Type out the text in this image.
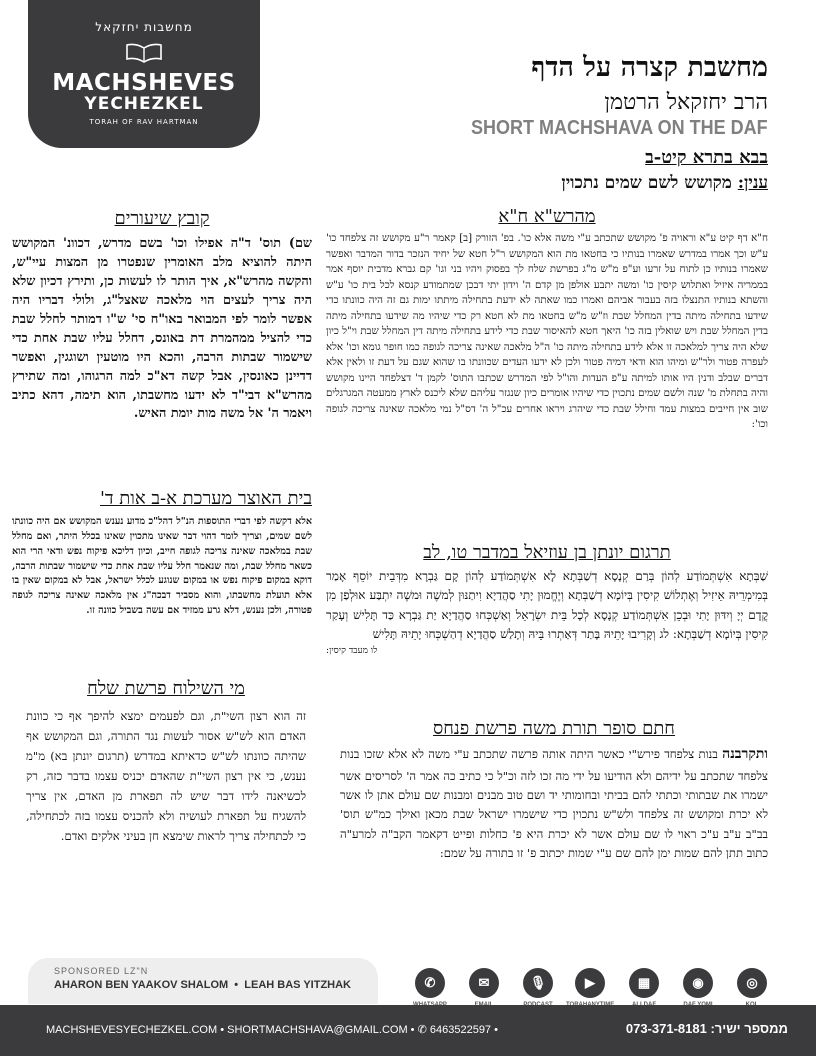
מחשבות יחזקאל
MACHSHEVES
YECHEZKEL
TORAH OF RAV HARTMAN
מחשבת קצרה על הדף
הרב יחזקאל הרטמן
SHORT MACHSHAVA ON THE DAF
בבא בתרא קיט-ב
ענין: מקושש לשם שמים נתכוין
קובץ שיעורים
שם) תוס' ד"ה אפילו וכו' בשם מדרש, דכוונ' המקושש היתה להוציא מלב האומרין שנפטרו מן המצות עיי"ש, והקשה מהרש"א, איך הותר לו לעשות כן, ותירץ דכיון שלא היה צריך לעצים הוי מלאכה שאצל"ג, ולולי דבריו היה אפשר לומר לפי המבואר באו"ח סי' ש"ו דמותר לחלל שבת כדי להציל ממהמרת דת באונס, דחלל עליו שבת אחת כדי שישמור שבתות הרבה, והכא היו מוטעין ושוגגין, ואפשר דדיינן כאונסין, אבל קשה דא"כ למה הרגוהו, ומה שתירץ מהרש"א דבי"ד לא ידעו מחשבתו, הוא תימה, דהא כתיב ויאמר ה' אל משה מות יומת האיש.
בית האוצר מערכת א-ב אות ד'
אלא דקשה לפי דברי התוספות הנ"ל דהל"כ מדוע נענש המקושש אם היה כוונתו לשם שמים, וצריך לומר דהוי דבר שאינו מתכוין שאינו בכלל היתר, ואם מחלל שבת במלאכה שאינה צריכה לגופה חייב, וכיון דליכא פיקוח נפש ודאי הרי הוא כשאר מחלל שבת, ומה שנאמר חלל עליו שבת אחת כדי שישמור שבתות הרבה, דוקא במקום פיקוח נפש או במקום שנוגע לכלל ישראל, אבל לא במקום שאין בו אלא תועלת מחשבתו, והוא מסביר דבכה"ג אין מלאכה שאינה צריכה לגופה פטורה, ולכן נענש, דלא גרע ממזיד אם עשה בשביל כוונה זו.
מי השילוח פרשת שלח
זה הוא רצון השי"ת, וגם לפעמים ימצא להיפך אף כי כוונת האדם הוא לש"ש אסור לעשות נגד התורה, וגם המקושש אף שהיתה כוונתו לש"ש כדאיתא במדרש (תרגום יונתן בא) מ"מ נענש, כי אין רצון השי"ת שהאדם יכניס עצמו בדבר כזה, רק לכשיאנה לידו דבר שיש לה תפארת מן האדם, אין צריך להשגיח על תפארת לעושיה ולא להכניס עצמו בזה לכתחילה, כי לכתחילה צריך לראות שימצא חן בעיני אלקים ואדם.
מהרש"א ח"א
ח"א דף קיט ע"א וראויה פ' מקושש שתכתב ע"י משה אלא כו'. בפ' הזורק [ב] קאמר ר"ע מקושש זה צלפחד כו' ע"ש וכך אמרו במדרש שאמרו בנותיו כי בחטאו מת הוא המקושש ר"ל חטא של יחיד הנזכר בדור המדבר ואפשר שאמרו בנותיו כן לתוח על זרעו וע"פ מ"ש מ"ג בפרשת שלח לך בפסוק ויהיו בני וגו' קם גברא מדבית יוסף אמר בממריה איזיל ואתלוש קיסין כו' ומשה יתבע אולפן מן קדם ה' וידון יתי דבכן שמתמודע קנסא לכל בית כו' ע"ש והשתא בנותיו התנצלו בזה בעבור אביהם ואמרו כמו שאתה לא ידעת בתחילה מיתתו ימות גם זה היה כוונתו כדי שידעו בתחילה מיתה בדין המחלל שבת וז"ש מ"ש בחטאו מת לא חטא רק כדי שיהיו מה שידעו בתחילה מיתה בדין המחלל שבת ויש שואלין בזה כו' היאך חטא להאיסור שבת כדי לידע בתחילה מיתה דין המחלל שבת וי"ל כיון שלא היה צריך למלאכה זו אלא לידע בתחילה מיתה כו' ה"ל מלאכה שאינה צריכה לגופה כמו חופר גומא וכו' אלא לעפרה פטור ולר"ש ומיהו הוא ודאי דמיה פטור ולכן לא ידעו העדים שכוונתו בו שהוא שגם על דעת זו ולאין אלא דברים שבלב ודנין היו אותו למיתה ע"פ העדות והו"ל לפי המדרש שכתבו התוס' לקמן ד' דצלפחד היינו מקושש והיה בתחלת מ' שנה ולשם שמים נתכוין כדי שיהיו אומרים כיון שנגזר עליהם שלא ליכנס לארץ ממעטה המגרגלים שוב אין חייבים במצות עמד וחילל שבת כדי שיהרג ויראו אחרים עכ"ל ה' דס"ל נמי מלאכה שאינה צריכה לגופה וכו':
תרגום יונתן בן עוזיאל במדבר טו, לב
שַׁבְּתָא אִשְׁתְּמוֹדַע לְהוֹן בְּרַם קְנָסָא דְשַׁבְּתָא לָא אִשְׁתְּמוֹדַע לְהוֹן קָם גַּבְרָא מִדְּבֵית יוֹסֵף אָמַר בְּמִימְרֵיהּ אֵיזִיל וְאֶתְלוֹשׁ קִיסִין בְּיוֹמָא דְשַׁבְּתָא וְיֶחֱמוּן יָתִי סַהֲדַיָא וִיתַנּוּן לְמשֶׁה וּמשֶׁה יִתְבַּע אוּלְפַן מִן קֳדָם יְיָ וְיִדּוּן יָתִי וּבְכֵן אִשְׁתְּמוֹדַע קְנָסָא לְכָל בֵּית יִשְׂרָאֵל וְאַשְׁכְּחוּ סַהֲדַיָא יַת גַּבְרָא כַּד תָּלִישׁ וְעָקַר קִיסִין בְּיוֹמָא דְשַׁבְּתָא: לג וְקָרִיבוּ יָתֵיהּ בָּתַר דְּאַתְרוּ בֵּיהּ וְתָלַשׁ סַהֲדַיָא דְהַשְׁכְּחוּ יָתֵיהּ תָּלִישׁ
לו מעבד קיסין:
חתם סופר תורת משה פרשת פנחס
ותקרבנה בנות צלפחד פירש"י כאשר היתה אותה פרשה שתכתב ע"י משה לא אלא שזכו בנות צלפחד שתכתב על ידיהם ולא הודיעו על ידי מה זכו לזה וכ"ל כי כתיב כה אמר ה' לסריסים אשר ישמרו את שבתותי וכתתי להם בביתי ובחומותי יד ושם טוב מבנים ומבנות שם עולם אתן לו אשר לא יכרת ומקושש זה צלפחד ולש"ש נתכוין כדי שישמרו ישראל שבת מכאן ואילך כמ"ש תוס' בב"ב ע"ב ע"כ ראוי לו שם עולם אשר לא יכרת היא פ' כחלות ופייט דקאמר הקב"ה למרע"ה כתוב תתן להם שמות ימן להם שם ע"י שמות יכתוב פ' זו בתורה על שמם:
SPONSORED LZ"N
AHARON BEN YAAKOV SHALOM  •  LEAH BAS YITZHAK	✆	✉	🎙	▶	▦	◉	◎
MACHSHEVESYECHEZKEL.COM • SHORTMACHSHAVA@GMAIL.COM • ✆ 6463522597 •	ממספר ישיר: 073-371-8181
